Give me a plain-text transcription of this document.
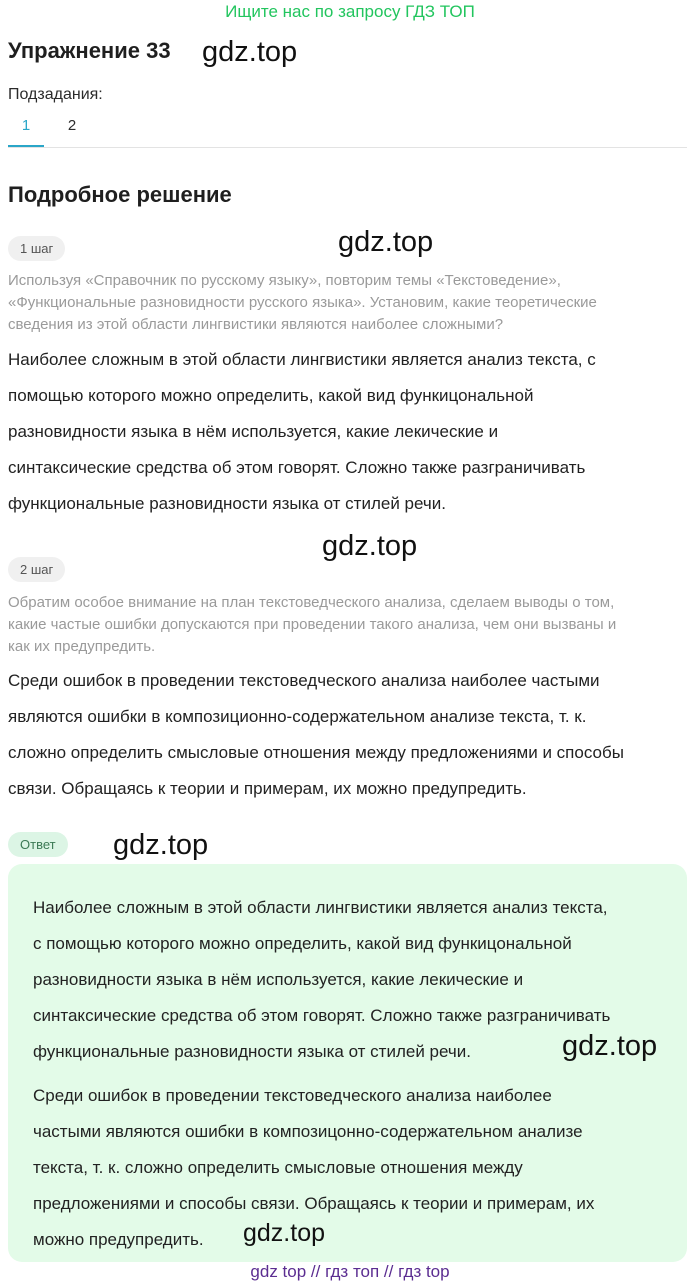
Ищите нас по запросу ГДЗ ТОП
Упражнение 33 gdz.top
Подзадания:
1	2
Подробное решение
1 шаг	gdz.top
Используя «Справочник по русскому языку», повторим темы «Текстоведение»,
«Функциональные разновидности русского языка». Установим, какие теоретические
сведения из этой области лингвистики являются наиболее сложными?
Наиболее сложным в этой области лингвистики является анализ текста, с
помощью которого можно определить, какой вид функицональной
разновидности языка в нём используется, какие лекические и
синтаксические средства об этом говорят. Сложно также разграничивать
функциональные разновидности языка от стилей речи.
2 шаг
gdz.top
Обратим особое внимание на план текстоведческого анализа, сделаем выводы о том,
какие частые ошибки допускаются при проведении такого анализа, чем они вызваны и
как их предупредить.
Среди ошибок в проведении текстоведческого анализа наиболее частыми
являются ошибки в композиционно-содержательном анализе текста, т. к.
сложно определить смысловые отношения между предложениями и способы
связи. Обращаясь к теории и примерам, их можно предупредить.
Ответ	gdz.top
Наиболее сложным в этой области лингвистики является анализ текста,
с помощью которого можно определить, какой вид функицональной
разновидности языка в нём используется, какие лекические и
синтаксические средства об этом говорят. Сложно также разграничивать
функциональные разновидности языка от стилей речи.	gdz.top
Среди ошибок в проведении текстоведческого анализа наиболее
частыми являются ошибки в композицонно-содержательном анализе
текста, т. к. сложно определить смысловые отношения между
предложениями и способы связи. Обращаясь к теории и примерам, их
можно предупредить.	gdz.top
gdz top // гдз топ // гдз top
